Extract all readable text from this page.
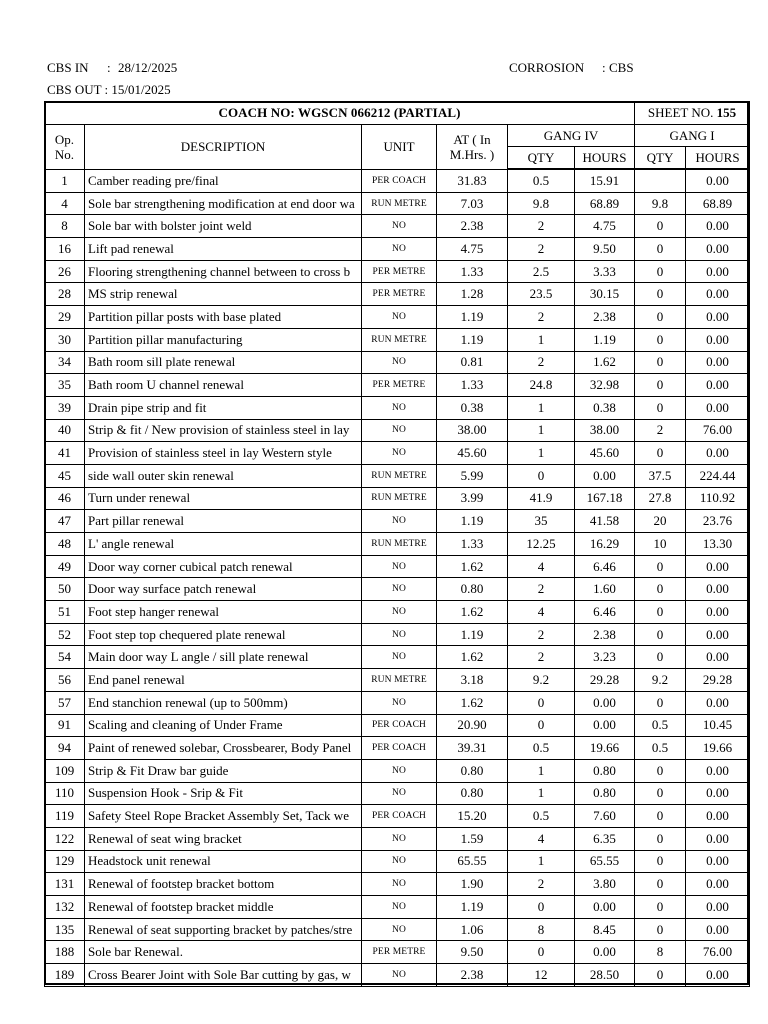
CBS IN : 28/12/2025
CBS OUT : 15/01/2025
CORROSION : CBS
COACH NO: WGSCN 066212 (PARTIAL)						SHEET NO. 155	
Op.
No.	DESCRIPTION	UNIT	AT ( In
M.Hrs. )	GANG IV		GANG I	
				QTY	HOURS	QTY	HOURS
1	Camber reading pre/final	PER COACH	31.83	0.5	15.91		0.00
4	Sole bar strengthening modification at end door wa	RUN METRE	7.03	9.8	68.89	9.8	68.89
8	Sole bar with bolster joint weld	NO	2.38	2	4.75	0	0.00
16	Lift pad renewal	NO	4.75	2	9.50	0	0.00
26	Flooring strengthening channel between to cross b	PER METRE	1.33	2.5	3.33	0	0.00
28	MS strip renewal	PER METRE	1.28	23.5	30.15	0	0.00
29	Partition pillar posts with base plated	NO	1.19	2	2.38	0	0.00
30	Partition pillar manufacturing	RUN METRE	1.19	1	1.19	0	0.00
34	Bath room sill plate renewal	NO	0.81	2	1.62	0	0.00
35	Bath room U channel renewal	PER METRE	1.33	24.8	32.98	0	0.00
39	Drain pipe strip and fit	NO	0.38	1	0.38	0	0.00
40	Strip & fit / New provision of stainless steel in lay	NO	38.00	1	38.00	2	76.00
41	Provision of stainless steel in lay Western style	NO	45.60	1	45.60	0	0.00
45	side wall outer skin renewal	RUN METRE	5.99	0	0.00	37.5	224.44
46	Turn under renewal	RUN METRE	3.99	41.9	167.18	27.8	110.92
47	Part pillar renewal	NO	1.19	35	41.58	20	23.76
48	L' angle renewal	RUN METRE	1.33	12.25	16.29	10	13.30
49	Door way corner cubical patch renewal	NO	1.62	4	6.46	0	0.00
50	Door way surface patch renewal	NO	0.80	2	1.60	0	0.00
51	Foot step hanger renewal	NO	1.62	4	6.46	0	0.00
52	Foot step top chequered plate renewal	NO	1.19	2	2.38	0	0.00
54	Main door way L angle / sill plate renewal	NO	1.62	2	3.23	0	0.00
56	End panel renewal	RUN METRE	3.18	9.2	29.28	9.2	29.28
57	End stanchion renewal (up to 500mm)	NO	1.62	0	0.00	0	0.00
91	Scaling and cleaning of Under Frame	PER COACH	20.90	0	0.00	0.5	10.45
94	Paint of renewed solebar, Crossbearer, Body Panel	PER COACH	39.31	0.5	19.66	0.5	19.66
109	Strip & Fit Draw bar guide	NO	0.80	1	0.80	0	0.00
110	Suspension Hook - Srip & Fit	NO	0.80	1	0.80	0	0.00
119	Safety Steel Rope Bracket Assembly Set, Tack we	PER COACH	15.20	0.5	7.60	0	0.00
122	Renewal of seat wing bracket	NO	1.59	4	6.35	0	0.00
129	Headstock unit renewal	NO	65.55	1	65.55	0	0.00
131	Renewal of footstep bracket bottom	NO	1.90	2	3.80	0	0.00
132	Renewal of footstep bracket middle	NO	1.19	0	0.00	0	0.00
135	Renewal of seat supporting bracket by patches/stre	NO	1.06	8	8.45	0	0.00
188	Sole bar Renewal.	PER METRE	9.50	0	0.00	8	76.00
189	Cross Bearer Joint with Sole Bar cutting by gas, w	NO	2.38	12	28.50	0	0.00
